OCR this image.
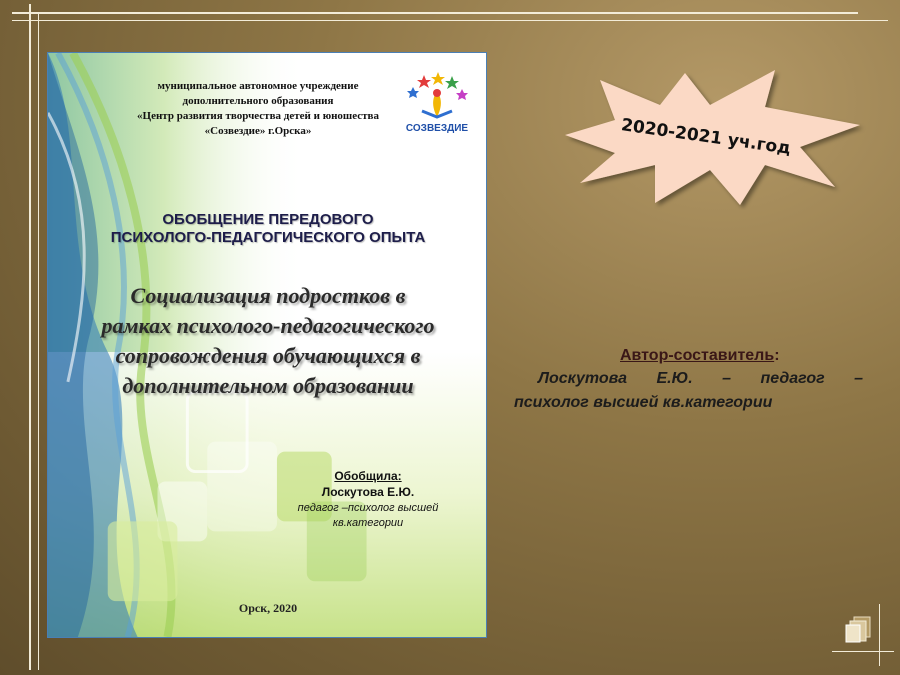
муниципальное автономное учреждение
дополнительного образования
«Центр развития творчества детей и юношества
«Созвездие» г.Орска»	СОЗВЕЗДИЕ
ОБОБЩЕНИЕ ПЕРЕДОВОГО
ПСИХОЛОГО-ПЕДАГОГИЧЕСКОГО ОПЫТА
Социализация подростков в
рамках психолого-педагогического
сопровождения обучающихся в
дополнительном образовании
Обобщила:
Лоскутова Е.Ю.
педагог –психолог высшей
кв.категории
Орск, 2020
2020-2021 уч.год
Автор-составитель:
Лоскутова Е.Ю. – педагог –
психолог высшей кв.категории
